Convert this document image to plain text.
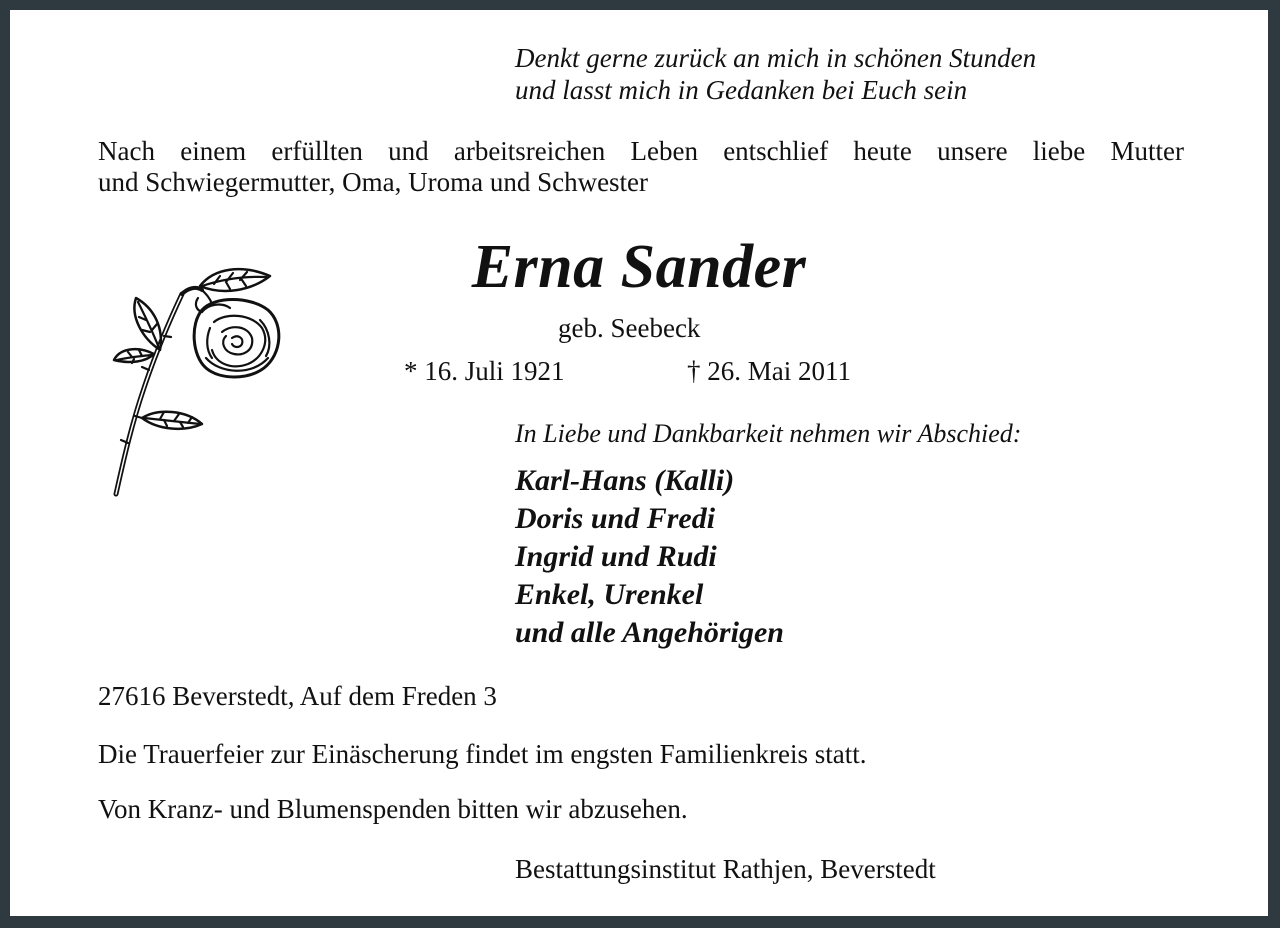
Denkt gerne zurück an mich in schönen Stunden
und lasst mich in Gedanken bei Euch sein
Nach einem erfüllten und arbeitsreichen Leben entschlief heute unsere liebe Mutter
und Schwiegermutter, Oma, Uroma und Schwester
Erna Sander
geb. Seebeck
* 16. Juli 1921	† 26. Mai 2011
In Liebe und Dankbarkeit nehmen wir Abschied:
Karl-Hans (Kalli)
Doris und Fredi
Ingrid und Rudi
Enkel, Urenkel
und alle Angehörigen
27616 Beverstedt, Auf dem Freden 3
Die Trauerfeier zur Einäscherung findet im engsten Familienkreis statt.
Von Kranz- und Blumenspenden bitten wir abzusehen.
Bestattungsinstitut Rathjen, Beverstedt
